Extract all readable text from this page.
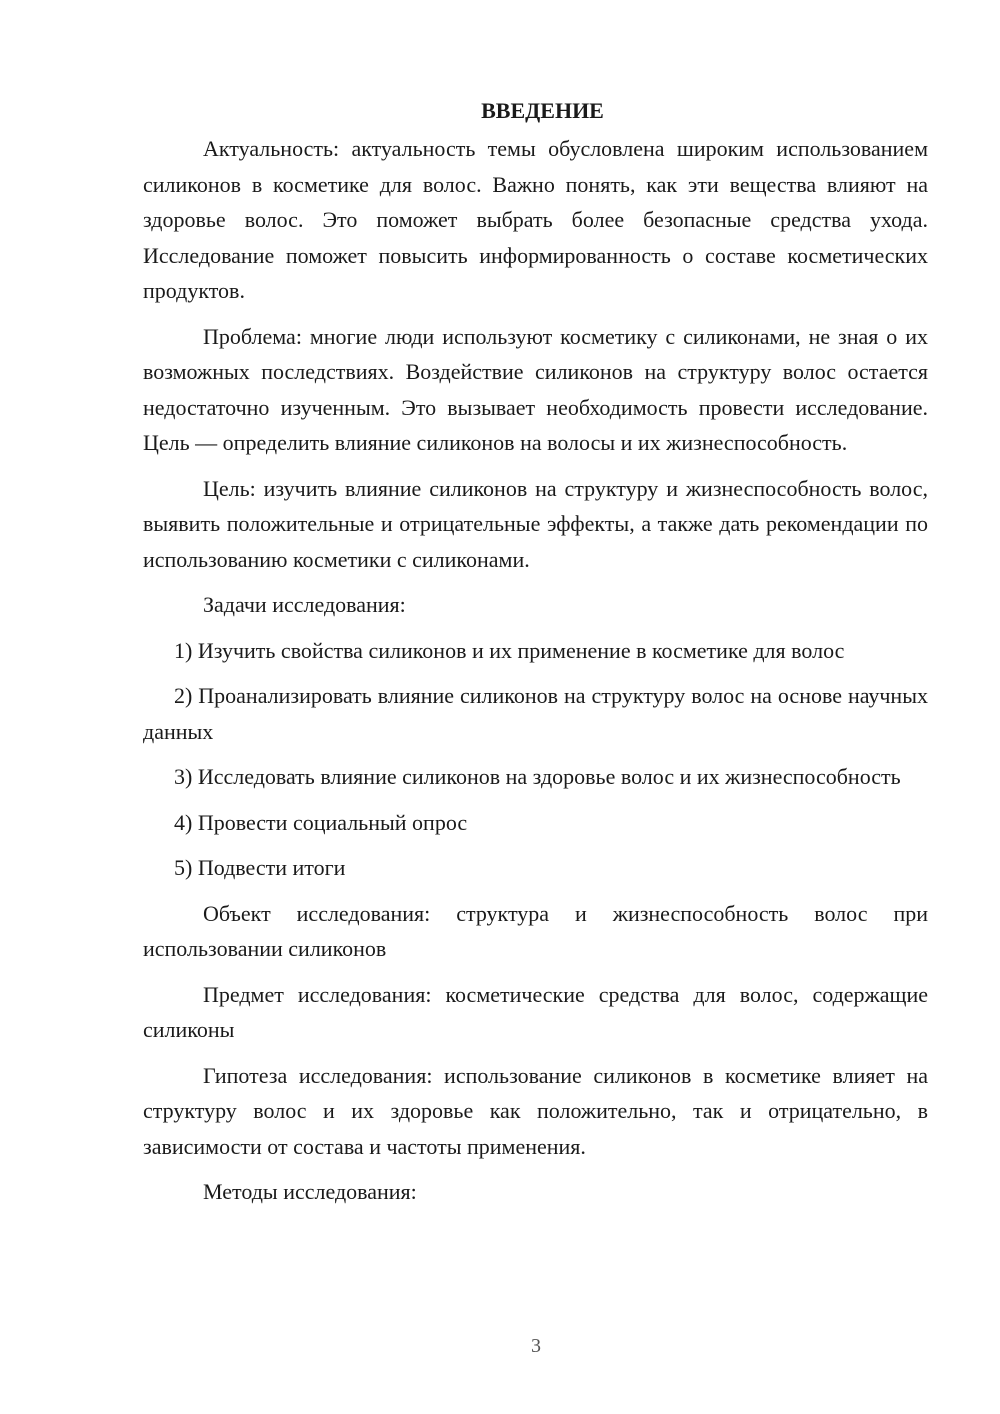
ВВЕДЕНИЕ

Актуальность: актуальность темы обусловлена широким использованием силиконов в косметике для волос. Важно понять, как эти вещества влияют на здоровье волос. Это поможет выбрать более безопасные средства ухода. Исследование поможет повысить информированность о составе косметических продуктов.

Проблема: многие люди используют косметику с силиконами, не зная о их возможных последствиях. Воздействие силиконов на структуру волос остается недостаточно изученным. Это вызывает необходимость провести исследование. Цель — определить влияние силиконов на волосы и их жизнеспособность.

Цель: изучить влияние силиконов на структуру и жизнеспособность волос, выявить положительные и отрицательные эффекты, а также дать рекомендации по использованию косметики с силиконами.

Задачи исследования:

1) Изучить свойства силиконов и их применение в косметике для волос

2) Проанализировать влияние силиконов на структуру волос на основе научных данных

3) Исследовать влияние силиконов на здоровье волос и их жизнеспособность

4) Провести социальный опрос

5) Подвести итоги

Объект исследования: структура и жизнеспособность волос при использовании силиконов

Предмет исследования: косметические средства для волос, содержащие силиконы

Гипотеза исследования: использование силиконов в косметике влияет на структуру волос и их здоровье как положительно, так и отрицательно, в зависимости от состава и частоты применения.

Методы исследования:

3
